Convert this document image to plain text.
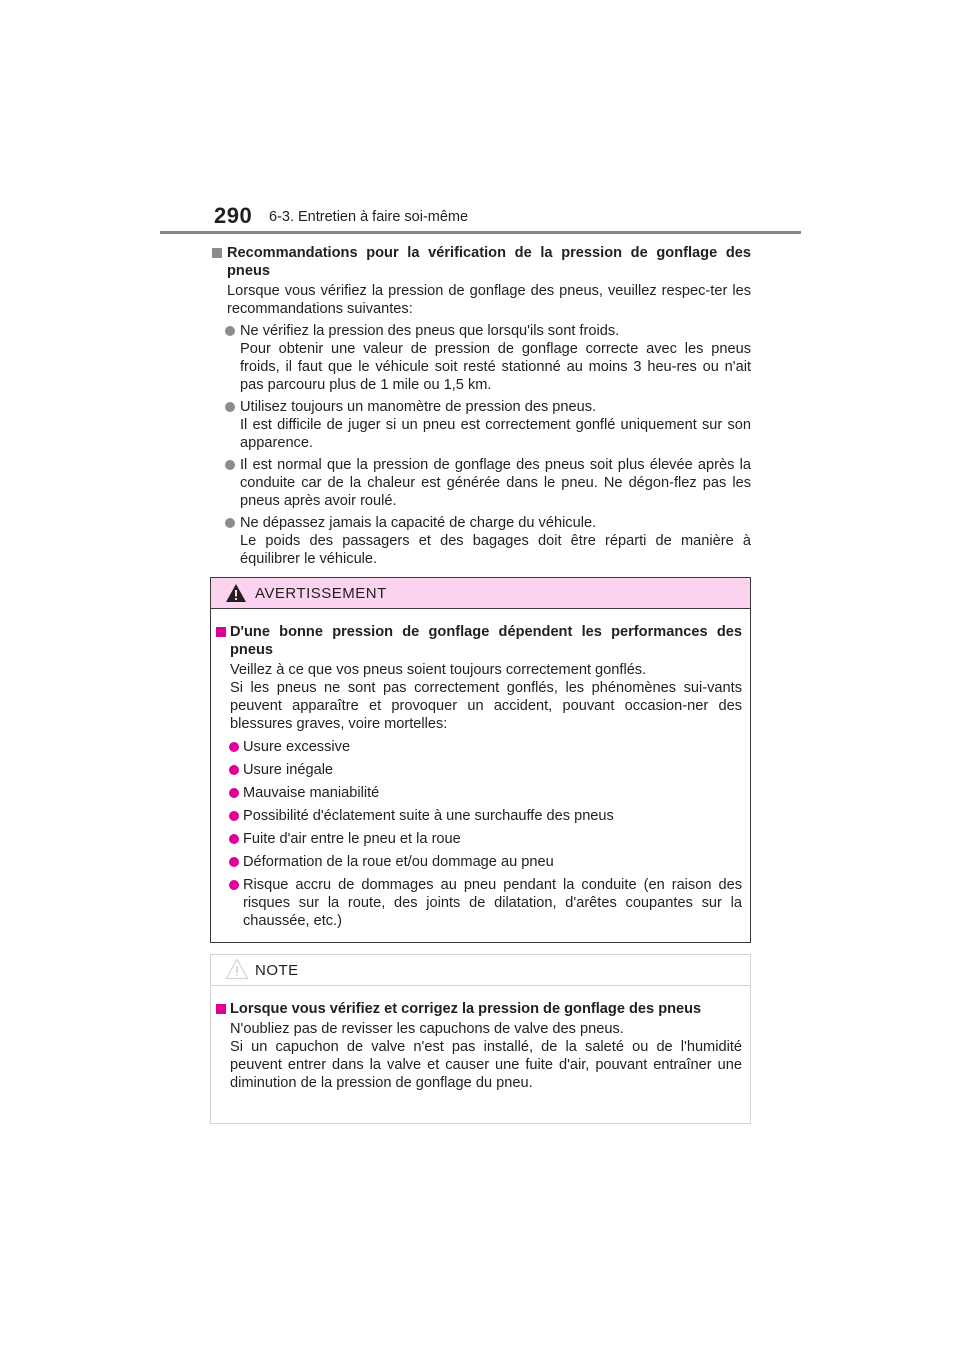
290 6-3. Entretien à faire soi-même
Recommandations pour la vérification de la pression de gonflage des pneus
Lorsque vous vérifiez la pression de gonflage des pneus, veuillez respec-ter les recommandations suivantes:
Ne vérifiez la pression des pneus que lorsqu'ils sont froids.
Pour obtenir une valeur de pression de gonflage correcte avec les pneus froids, il faut que le véhicule soit resté stationné au moins 3 heu-res ou n'ait pas parcouru plus de 1 mile ou 1,5 km.
Utilisez toujours un manomètre de pression des pneus.
Il est difficile de juger si un pneu est correctement gonflé uniquement sur son apparence.
Il est normal que la pression de gonflage des pneus soit plus élevée après la conduite car de la chaleur est générée dans le pneu. Ne dégon-flez pas les pneus après avoir roulé.
Ne dépassez jamais la capacité de charge du véhicule.
Le poids des passagers et des bagages doit être réparti de manière à équilibrer le véhicule.
AVERTISSEMENT
D'une bonne pression de gonflage dépendent les performances des pneus
Veillez à ce que vos pneus soient toujours correctement gonflés.
Si les pneus ne sont pas correctement gonflés, les phénomènes sui-vants peuvent apparaître et provoquer un accident, pouvant occasion-ner des blessures graves, voire mortelles:
Usure excessive
Usure inégale
Mauvaise maniabilité
Possibilité d'éclatement suite à une surchauffe des pneus
Fuite d'air entre le pneu et la roue
Déformation de la roue et/ou dommage au pneu
Risque accru de dommages au pneu pendant la conduite (en raison des risques sur la route, des joints de dilatation, d'arêtes coupantes sur la chaussée, etc.)
NOTE
Lorsque vous vérifiez et corrigez la pression de gonflage des pneus
N'oubliez pas de revisser les capuchons de valve des pneus.
Si un capuchon de valve n'est pas installé, de la saleté ou de l'humidité peuvent entrer dans la valve et causer une fuite d'air, pouvant entraîner une diminution de la pression de gonflage du pneu.
